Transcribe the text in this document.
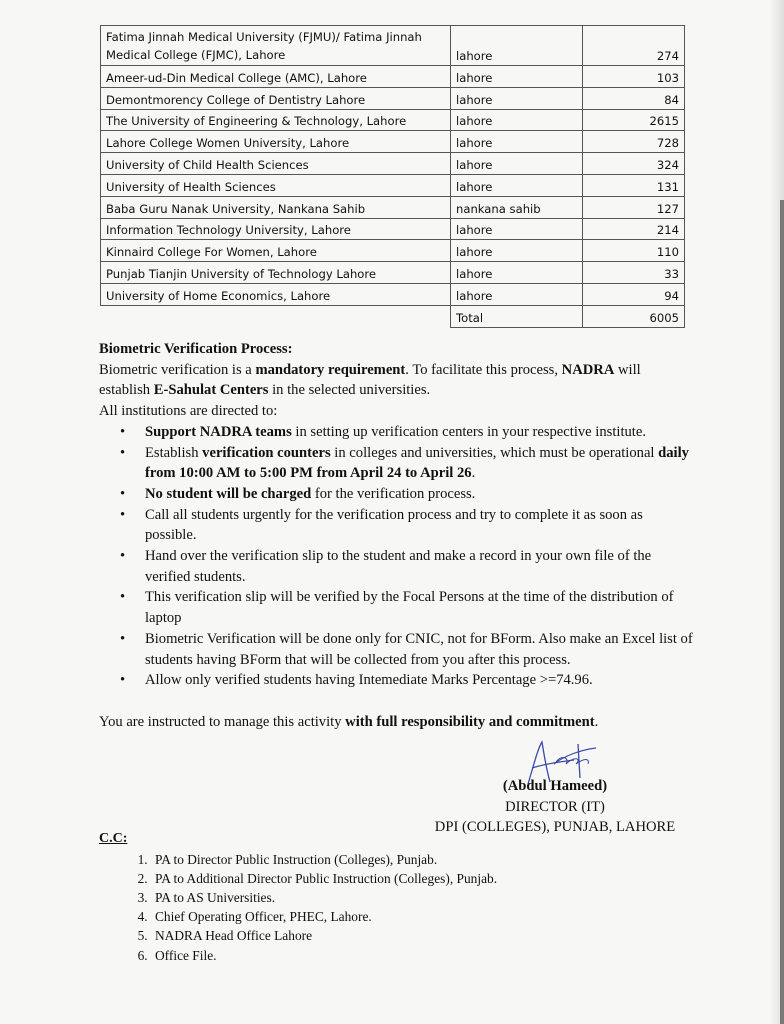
Fatima Jinnah Medical University (FJMU)/ Fatima Jinnah
Medical College (FJMC), Lahore	lahore	274
Ameer-ud-Din Medical College (AMC), Lahore	lahore	103
Demontmorency College of Dentistry Lahore	lahore	84
The University of Engineering & Technology, Lahore	lahore	2615
Lahore College Women University, Lahore	lahore	728
University of Child Health Sciences	lahore	324
University of Health Sciences	lahore	131
Baba Guru Nanak University, Nankana Sahib	nankana sahib	127
Information Technology University, Lahore	lahore	214
Kinnaird College For Women, Lahore	lahore	110
Punjab Tianjin University of Technology Lahore	lahore	33
University of Home Economics, Lahore	lahore	94
	Total	6005
Biometric Verification Process:

Biometric verification is a mandatory requirement. To facilitate this process, NADRA will establish E-Sahulat Centers in the selected universities.

All institutions are directed to:

• Support NADRA teams in setting up verification centers in your respective institute.
• Establish verification counters in colleges and universities, which must be operational daily from 10:00 AM to 5:00 PM from April 24 to April 26.
• No student will be charged for the verification process.
• Call all students urgently for the verification process and try to complete it as soon as possible.
• Hand over the verification slip to the student and make a record in your own file of the verified students.
• This verification slip will be verified by the Focal Persons at the time of the distribution of laptop
• Biometric Verification will be done only for CNIC, not for BForm. Also make an Excel list of students having BForm that will be collected from you after this process.
• Allow only verified students having Intemediate Marks Percentage >=74.96.

You are instructed to manage this activity with full responsibility and commitment.

(Abdul Hameed)
DIRECTOR (IT)
DPI (COLLEGES), PUNJAB, LAHORE
C.C:
1. PA to Director Public Instruction (Colleges), Punjab.
2. PA to Additional Director Public Instruction (Colleges), Punjab.
3. PA to AS Universities.
4. Chief Operating Officer, PHEC, Lahore.
5. NADRA Head Office Lahore
6. Office File.
